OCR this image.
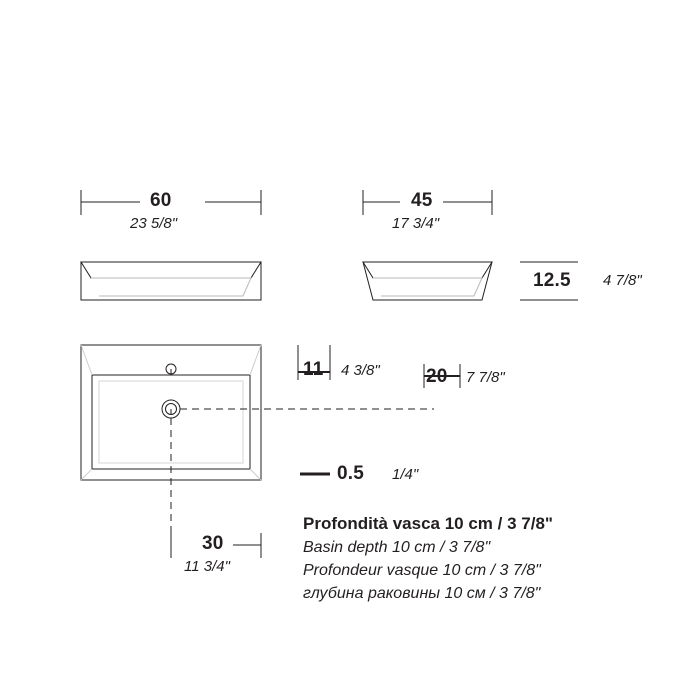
60
23 5/8"
45
17 3/4"
12.5 4 7/8"
11 4 3/8" 20 7 7/8"
0.5 1/4"
30
11 3/4"
Profondità vasca 10 cm / 3 7/8"
Basin depth 10 cm / 3 7/8"
Profondeur vasque 10 cm / 3 7/8"
глубина раковины 10 см / 3 7/8"
